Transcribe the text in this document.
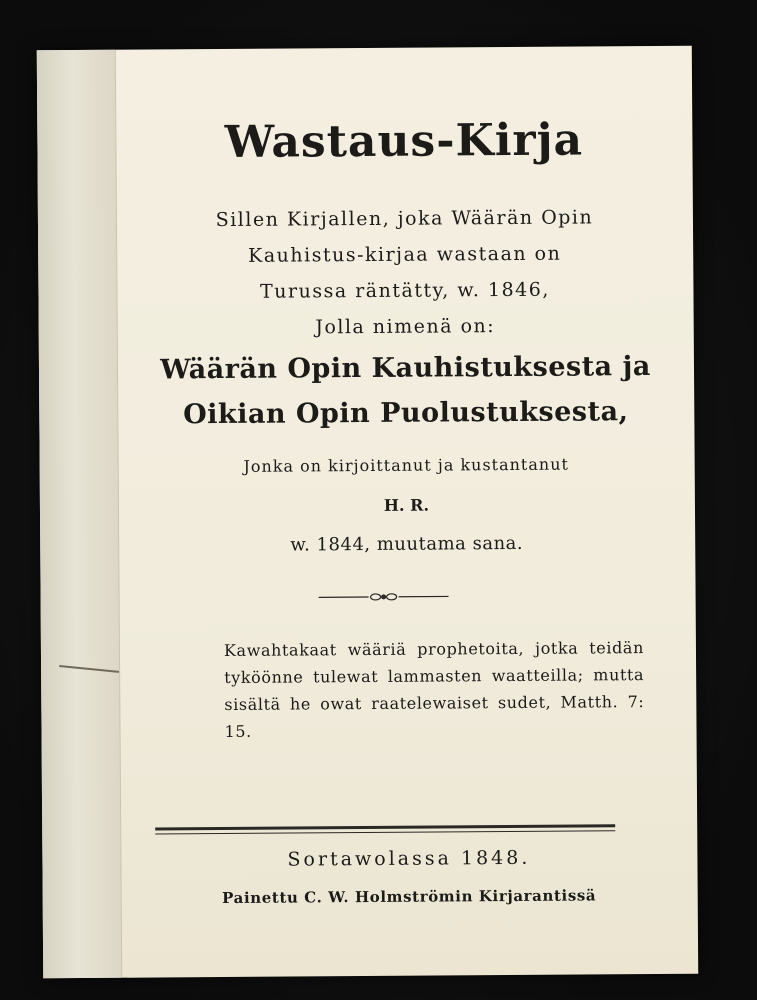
Wastaus-Kirja
Sillen Kirjallen, joka Wäärän Opin
Kauhistus-kirjaa wastaan on
Turussa räntätty, w. 1846,
Jolla nimenä on:
Wäärän Opin Kauhistuksesta ja
Oikian Opin Puolustuksesta,
Jonka on kirjoittanut ja kustantanut
H. R.
w. 1844, muutama sana.
Kawahtakaat wääriä prophetoita, jotka teidän tyköönne tulewat lammasten waatteilla; mutta sisältä he owat raatelewaiset sudet, Matth. 7: 15.
Sortawolassa 1848.
Painettu C. W. Holmströmin Kirjarantissä
